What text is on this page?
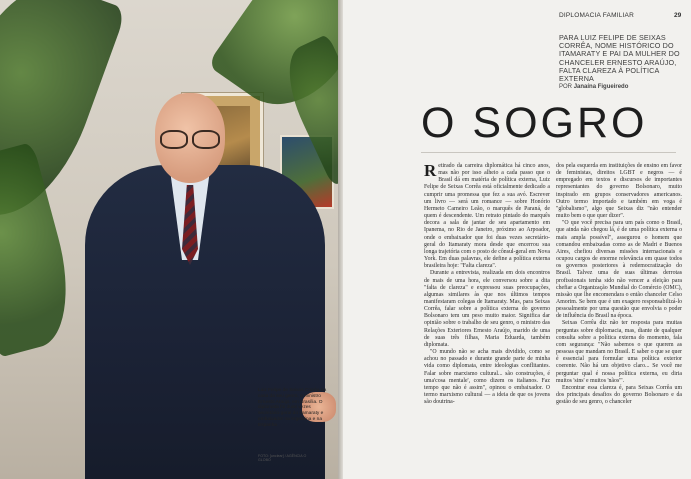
Luiz Felipe de Seixas Corrêa na casa da seu genro, o ministro Ernesto Araújo, em Brasília. O diplomata foi duas vezes secretário-geral do Itamaraty e embaixador na Argentina e na Espanha
FOTO: [unclear] / AGÊNCIA O GLOBO
DIPLOMACIA FAMILIAR	29
PARA LUIZ FELIPE DE SEIXAS CORRÊA, NOME HISTÓRICO DO ITAMARATY E PAI DA MULHER DO CHANCELER ERNESTO ARAÚJO, FALTA CLAREZA À POLÍTICA EXTERNA
POR Janaína Figueiredo
O SOGRO

Retirado da carreira diplomática há cinco anos, mas não por isso alheio a cada passo que o Brasil dá em matéria de política externa, Luiz Felipe de Seixas Corrêa está oficialmente dedicado a cumprir uma promessa que fez a sua avó. Escrever um livro — será um romance — sobre Honório Hermeto Carneiro Leão, o marquês de Paraná, de quem é descendente. Um retrato pintado do marquês decora a sala de jantar de seu apartamento em Ipanema, no Rio de Janeiro, próximo ao Arpoador, onde o embaixador que foi duas vezes secretário-geral do Itamaraty mora desde que encerrou sua longa trajetória com o posto de cônsul-geral em Nova York. Em duas palavras, ele define a política externa brasileira hoje: "Falta clareza".

Durante a entrevista, realizada em dois encontros de mais de uma hora, ele conversou sobre a dita "falta de clareza" e expressou suas preocupações, algumas similares às que nos últimos tempos manifestaram colegas de Itamaraty. Mas, para Seixas Corrêa, falar sobre a política externa do governo Bolsonaro tem um peso muito maior. Significa dar opinião sobre o trabalho de seu genro, o ministro das Relações Exteriores Ernesto Araújo, marido de uma de suas três filhas, Maria Eduarda, também diplomata.

"O mundo não se acha mais dividido, como se achou no passado e durante grande parte de minha vida como diplomata, entre ideologias conflitantes. Falar sobre marxismo cultural... são construções, é uma'cosa mentale', como dizem os italianos. Faz tempo que não é assim", opinou o embaixador. O termo marxismo cultural — a ideia de que os jovens são doutrina-

dos pela esquerda em instituições de ensino em favor de feministas, direitos LGBT e negros — é empregado em textos e discursos de importantes representantes do governo Bolsonaro, muito inspirado em grupos conservadores americanos. Outro termo importado e também em voga é "globalismo", algo que Seixas diz "não entender muito bem o que quer dizer".

"O que você precisa para um país como o Brasil, que ainda não chegou lá, é de uma política externa o mais ampla possível", assegurou o homem que comandou embaixadas como as de Madri e Buenos Aires, chefiou diversas missões internacionais e ocupou cargos de enorme relevância em quase todos os governos posteriores à redemocratização do Brasil. Talvez uma de suas últimas derrotas profissionais tenha sido não vencer a eleição para chefiar a Organização Mundial do Comércio (OMC), missão que lhe encomendara o então chanceler Celso Amorim. Se bem que é um exagero responsabilizá-lo pessoalmente por uma questão que envolvia o poder de influência do Brasil na época.

Seixas Corrêa diz não ter resposta para muitas perguntas sobre diplomacia, mas, diante de qualquer consulta sobre a política externa do momento, fala com segurança: "Não sabemos o que querem as pessoas que mandam no Brasil. E saber o que se quer é essencial para formular uma política exterior coerente. Não há um objetivo claro... Se você me perguntar qual é nossa política externa, eu diria muitos 'sins' e muitos 'nãos'".

Encontrar essa clareza é, para Seixas Corrêa um dos principais desafios do governo Bolsonaro e da gestão de seu genro, o chanceler
